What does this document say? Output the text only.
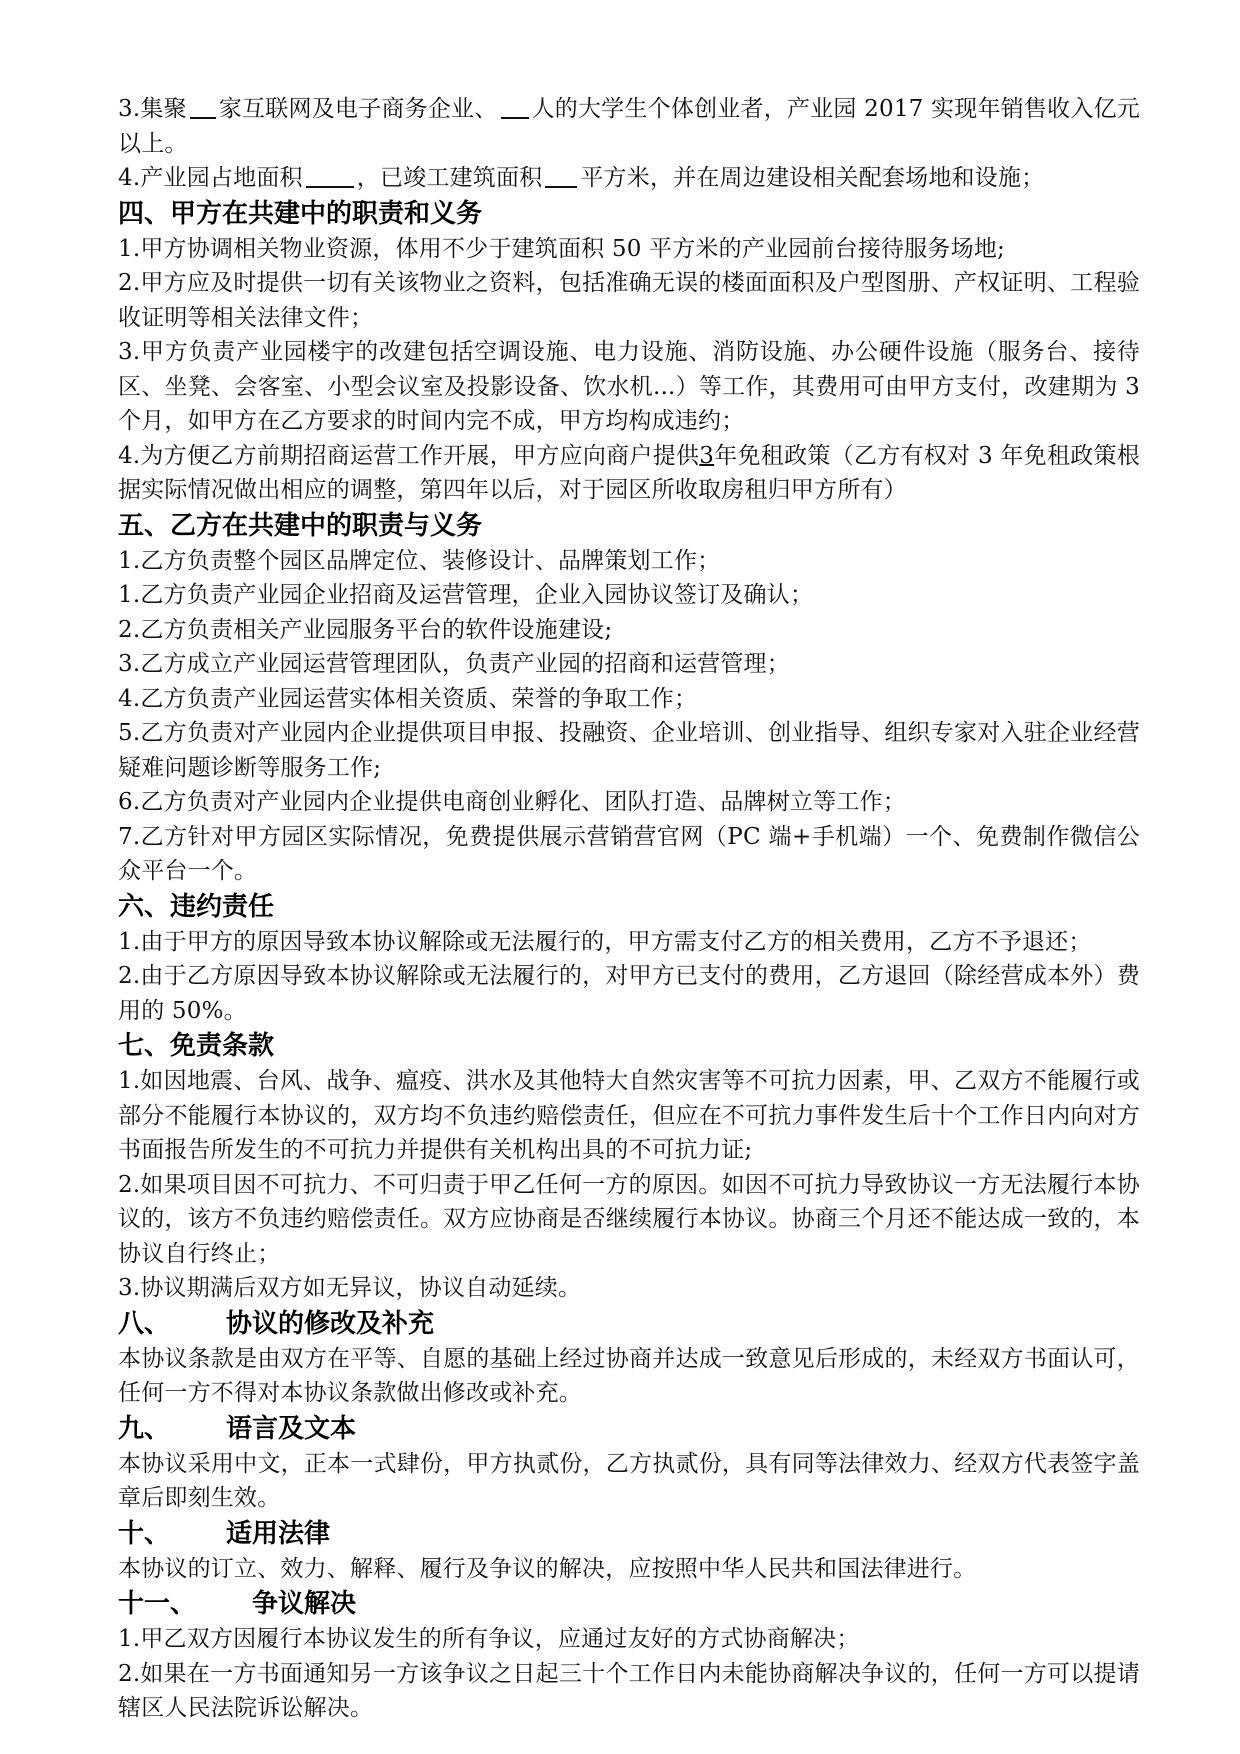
3.集聚 家互联网及电子商务企业、 人的大学生个体创业者，产业园 2017 实现年销售收入亿元以上。

4.产业园占地面积 ，已竣工建筑面积 平方米，并在周边建设相关配套场地和设施；

四、甲方在共建中的职责和义务

1.甲方协调相关物业资源，体用不少于建筑面积 50 平方米的产业园前台接待服务场地;

2.甲方应及时提供一切有关该物业之资料，包括准确无误的楼面面积及户型图册、产权证明、工程验收证明等相关法律文件；

3.甲方负责产业园楼宇的改建包括空调设施、电力设施、消防设施、办公硬件设施（服务台、接待区、坐凳、会客室、小型会议室及投影设备、饮水机...）等工作，其费用可由甲方支付，改建期为 3 个月，如甲方在乙方要求的时间内完不成，甲方均构成违约；

4.为方便乙方前期招商运营工作开展，甲方应向商户提供3年免租政策（乙方有权对 3 年免租政策根据实际情况做出相应的调整，第四年以后，对于园区所收取房租归甲方所有）

五、乙方在共建中的职责与义务

1.乙方负责整个园区品牌定位、装修设计、品牌策划工作；

1.乙方负责产业园企业招商及运营管理，企业入园协议签订及确认；

2.乙方负责相关产业园服务平台的软件设施建设;

3.乙方成立产业园运营管理团队，负责产业园的招商和运营管理；

4.乙方负责产业园运营实体相关资质、荣誉的争取工作；

5.乙方负责对产业园内企业提供项目申报、投融资、企业培训、创业指导、组织专家对入驻企业经营疑难问题诊断等服务工作;

6.乙方负责对产业园内企业提供电商创业孵化、团队打造、品牌树立等工作；

7.乙方针对甲方园区实际情况，免费提供展示营销营官网（PC 端+手机端）一个、免费制作微信公众平台一个。

六、违约责任

1.由于甲方的原因导致本协议解除或无法履行的，甲方需支付乙方的相关费用，乙方不予退还；

2.由于乙方原因导致本协议解除或无法履行的，对甲方已支付的费用，乙方退回（除经营成本外）费用的 50%。

七、免责条款

1.如因地震、台风、战争、瘟疫、洪水及其他特大自然灾害等不可抗力因素，甲、乙双方不能履行或部分不能履行本协议的，双方均不负违约赔偿责任，但应在不可抗力事件发生后十个工作日内向对方书面报告所发生的不可抗力并提供有关机构出具的不可抗力证;

2.如果项目因不可抗力、不可归责于甲乙任何一方的原因。如因不可抗力导致协议一方无法履行本协议的，该方不负违约赔偿责任。双方应协商是否继续履行本协议。协商三个月还不能达成一致的，本协议自行终止；

3.协议期满后双方如无异议，协议自动延续。

八、 协议的修改及补充

本协议条款是由双方在平等、自愿的基础上经过协商并达成一致意见后形成的，未经双方书面认可，任何一方不得对本协议条款做出修改或补充。

九、 语言及文本

本协议采用中文，正本一式肆份，甲方执贰份，乙方执贰份，具有同等法律效力、经双方代表签字盖章后即刻生效。

十、 适用法律

本协议的订立、效力、解释、履行及争议的解决，应按照中华人民共和国法律进行。

十一、 争议解决

1.甲乙双方因履行本协议发生的所有争议，应通过友好的方式协商解决；

2.如果在一方书面通知另一方该争议之日起三十个工作日内未能协商解决争议的，任何一方可以提请辖区人民法院诉讼解决。
